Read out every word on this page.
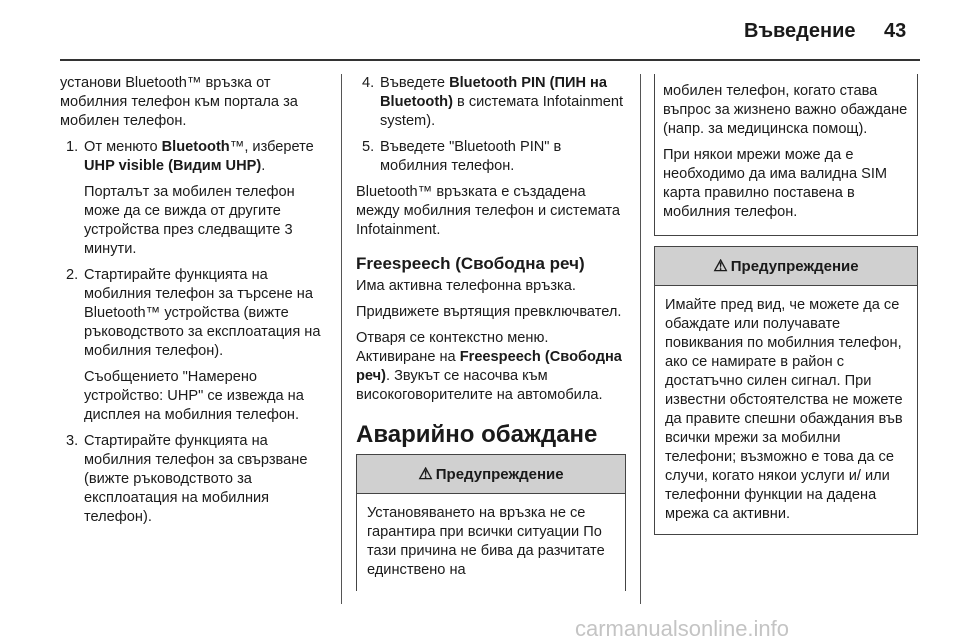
Въведение 43

установи Bluetooth™ връзка от мобилния телефон към портала за мобилен телефон.

1. От менюто Bluetooth™, изберете UHP visible (Видим UHP).

Порталът за мобилен телефон може да се вижда от другите устройства през следващите 3 минути.

2. Стартирайте функцията на мобилния телефон за търсене на Bluetooth™ устройства (вижте ръководството за експлоатация на мобилния телефон).

Съобщението "Намерено устройство: UHP" се извежда на дисплея на мобилния телефон.

3. Стартирайте функцията на мобилния телефон за свързване (вижте ръководството за експлоатация на мобилния телефон).

4. Въведете Bluetooth PIN (ПИН на Bluetooth) в системата Infotainment system).

5. Въведете "Bluetooth PIN" в мобилния телефон.

Bluetooth™ връзката е създадена между мобилния телефон и системата Infotainment.

Freespeech (Свободна реч)

Има активна телефонна връзка.

Придвижете въртящия превключвател.

Отваря се контекстно меню.
Активиране на Freespeech (Свободна реч). Звукът се насочва към високоговорителите на автомобила.

Аварийно обаждане
⚠ Предупреждение
Установяването на връзка не се гарантира при всички ситуации По тази причина не бива да разчитате единствено на

мобилен телефон, когато става въпрос за жизнено важно обаждане (напр. за медицинска помощ).

При някои мрежи може да е необходимо да има валидна SIM карта правилно поставена в мобилния телефон.

⚠ Предупреждение
Имайте пред вид, че можете да се обаждате или получавате повиквания по мобилния телефон, ако се намирате в район с достатъчно силен сигнал. При известни обстоятелства не можете да правите спешни обаждания във всички мрежи за мобилни телефони; възможно е това да се случи, когато някои услуги и/ или телефонни функции на дадена мрежа са активни.
carmanualsonline.info
